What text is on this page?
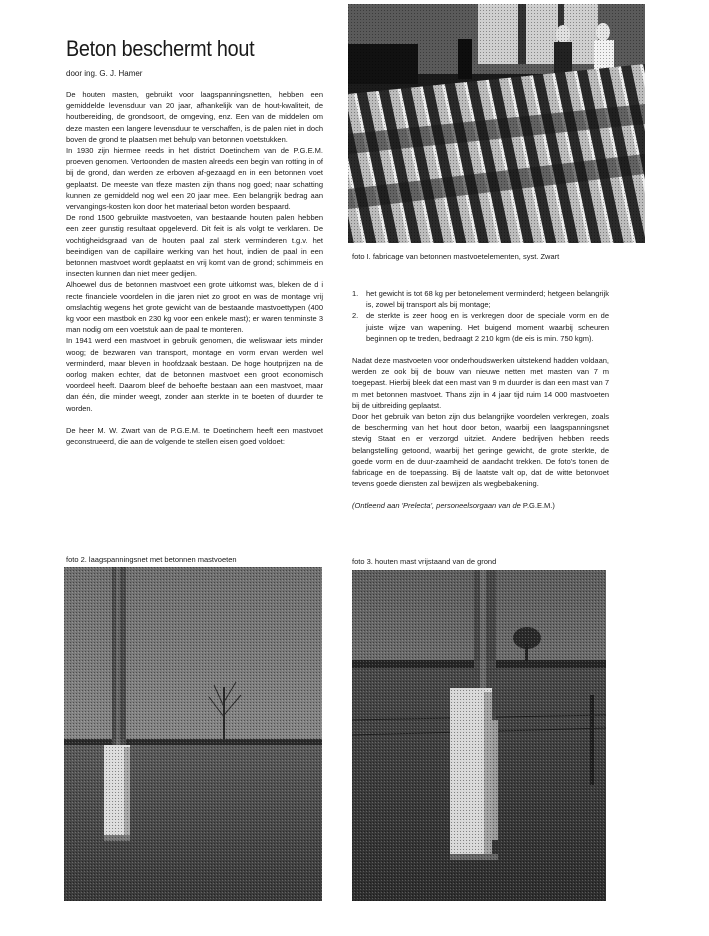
Beton beschermt hout
door ing. G. J. Hamer

De houten masten, gebruikt voor laagspanningsnetten, hebben een gemiddelde levensduur van 20 jaar, afhankelijk van de hout-kwaliteit, de houtbereiding, de grondsoort, de omgeving, enz. Een van de middelen om deze masten een langere levensduur te verschaffen, is de palen niet in doch boven de grond te plaatsen met behulp van betonnen voetstukken.

In 1930 zijn hiermee reeds in het district Doetinchem van de P.G.E.M. proeven genomen. Vertoonden de masten alreeds een begin van rotting in of bij de grond, dan werden ze erboven af-gezaagd en in een betonnen voet geplaatst. De meeste van tfeze masten zijn thans nog goed; naar schatting kunnen ze gemiddeld nog wel een 20 jaar mee. Een belangrijk bedrag aan vervangings-kosten kon door het materiaal beton worden bespaard.

De rond 1500 gebruikte mastvoeten, van bestaande houten palen hebben een zeer gunstig resultaat opgeleverd. Dit feit is als volgt te verklaren. De vochtigheidsgraad van de houten paal zal sterk verminderen t.g.v. het beeindigen van de capillaire werking van het hout, indien de paal in een betonnen mastvoet wordt geplaatst en vrij komt van de grond; schimmeis en insecten kunnen dan niet meer gedijen.

Alhoewel dus de betonnen mastvoet een grote uitkomst was, bleken de d i recte financiele voordelen in die jaren niet zo groot en was de montage vrij omslachtig wegens het grote gewicht van de bestaande mastvoettypen (400 kg voor een mastbok en 230 kg voor een enkele mast); er waren tenminste 3 man nodig om een voetstuk aan de paal te monteren.

In 1941 werd een mastvoet in gebruik genomen, die weliswaar iets minder woog; de bezwaren van transport, montage en vorm ervan werden wel verminderd, maar bleven in hoofdzaak bestaan. De hoge houtprijzen na de oorlog maken echter, dat de betonnen mastvoet een groot economisch voordeel heeft. Daarom bleef de behoefte bestaan aan een mastvoet, maar dan één, die minder weegt, zonder aan sterkte in te boeten of duurder te worden.

De heer M. W. Zwart van de P.G.E.M. te Doetinchem heeft een mastvoet geconstrueerd, die aan de volgende te stellen eisen goed voldoet:

foto I. fabricage van betonnen mastvoetelementen, syst. Zwart
1. het gewicht is tot 68 kg per betonelement verminderd; hetgeen belangrijk is, zowel bij transport als bij montage;
2. de sterkte is zeer hoog en is verkregen door de speciale vorm en de juiste wijze van wapening. Het buigend moment waarbij scheuren beginnen op te treden, bedraagt 2 210 kgm (de eis is min. 750 kgm).

Nadat deze mastvoeten voor onderhoudswerken uitstekend hadden voldaan, werden ze ook bij de bouw van nieuwe netten met masten van 7 m toegepast. Hierbij bleek dat een mast van 9 m duurder is dan een mast van 7 m met betonnen mastvoet. Thans zijn in 4 jaar tijd ruim 14 000 mastvoeten bij de uitbreiding geplaatst.

Door het gebruik van beton zijn dus belangrijke voordelen verkregen, zoals de bescherming van het hout door beton, waarbij een laagspanningsnet stevig Staat en er verzorgd uitziet. Andere bedrijven hebben reeds belangstelling getoond, waarbij het geringe gewicht, de grote sterkte, de goede vorm en de duur-zaamheid de aandacht trekken. De foto's tonen de fabricage en de toepassing. Bij de laatste valt op, dat de witte betonvoet tevens goede diensten zal bewijzen als wegbebakening.

(Ontleend aan 'Prelecta', personeelsorgaan van de P.G.E.M.)

foto 2. laagspanningsnet met betonnen mastvoeten	foto 3. houten mast vrijstaand van de grond
